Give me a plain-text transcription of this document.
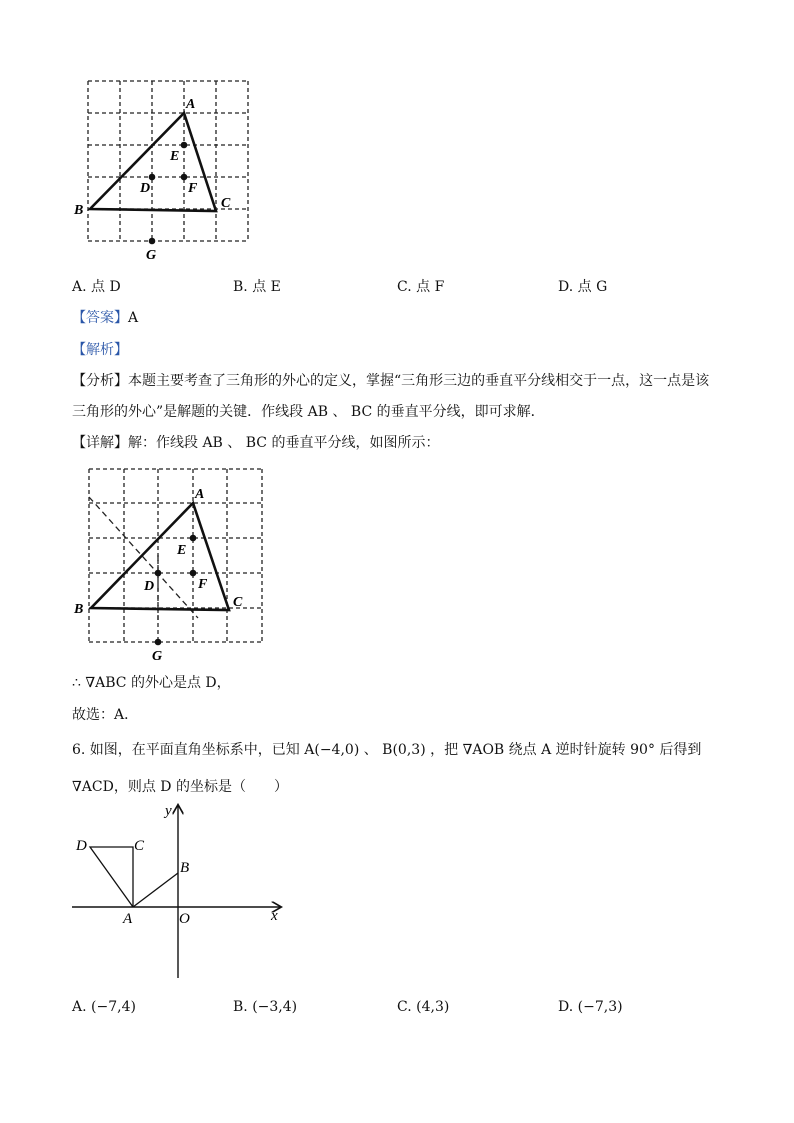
A
E
D	F
B	C
G
A. 点 D	B. 点 E	C. 点 F	D. 点 G
【答案】A
【解析】
【分析】本题主要考查了三角形的外心的定义，掌握“三角形三边的垂直平分线相交于一点，这一点是该
三角形的外心”是解题的关键．作线段 AB 、 BC 的垂直平分线，即可求解．
【详解】解：作线段 AB 、 BC 的垂直平分线，如图所示：
A
E
D	F
B	C
G
∴ ∇ABC 的外心是点 D，
故选：A．
6. 如图，在平面直角坐标系中，已知 A(−4,0) 、 B(0,3) ，把 ∇AOB 绕点 A 逆时针旋转 90° 后得到
∇ACD，则点 D 的坐标是（　　）
y
x
D	C
B
A	O
A. (−7,4)	B. (−3,4)	C. (4,3)	D. (−7,3)
